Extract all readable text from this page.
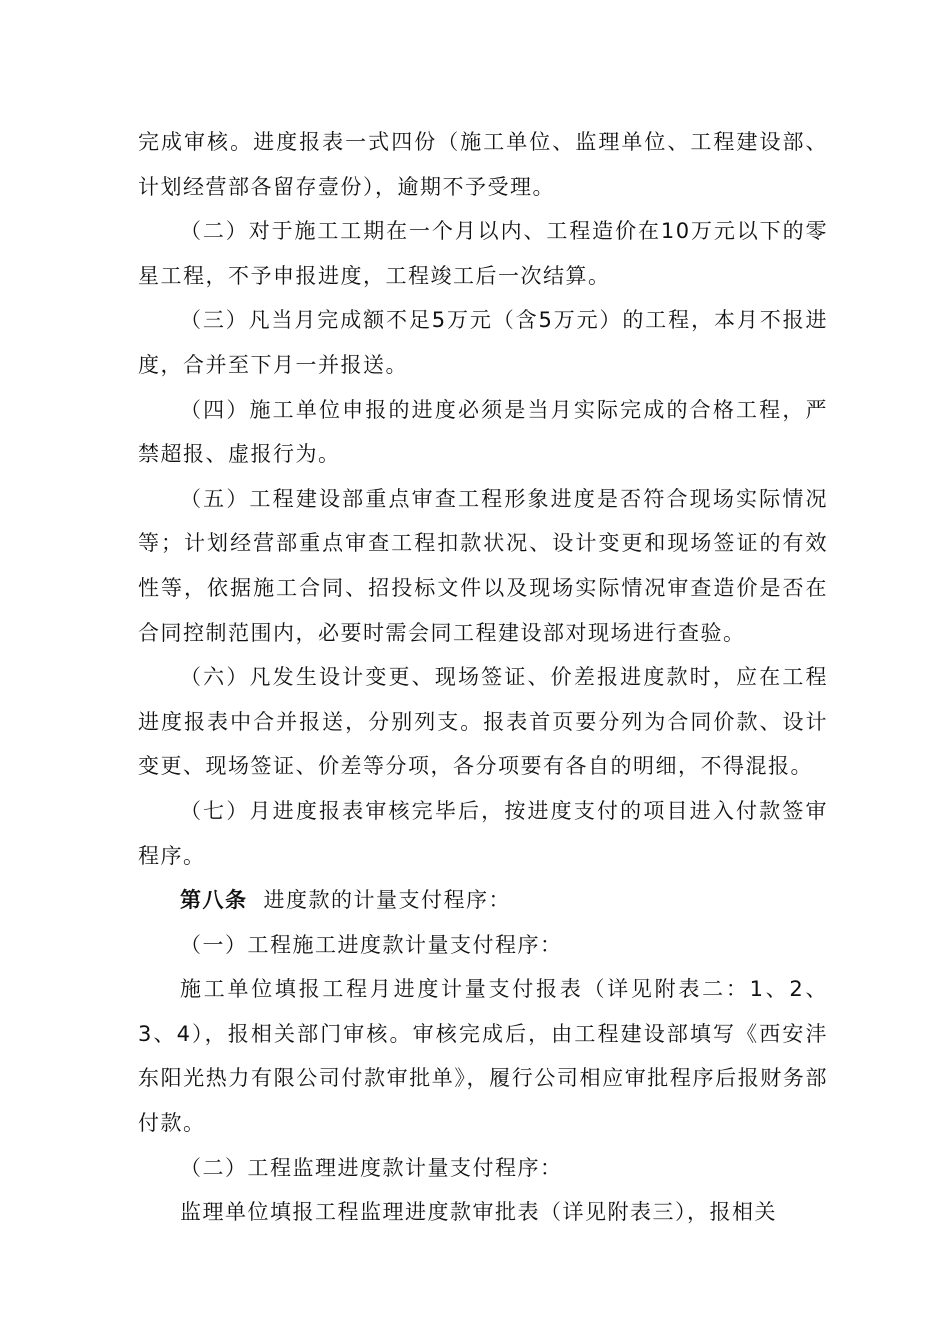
完成审核。进度报表一式四份（施工单位、监理单位、工程建设部、计划经营部各留存壹份），逾期不予受理。

（二）对于施工工期在一个月以内、工程造价在10万元以下的零星工程，不予申报进度，工程竣工后一次结算。

（三）凡当月完成额不足5万元（含5万元）的工程，本月不报进度，合并至下月一并报送。

（四）施工单位申报的进度必须是当月实际完成的合格工程，严禁超报、虚报行为。

（五）工程建设部重点审查工程形象进度是否符合现场实际情况等；计划经营部重点审查工程扣款状况、设计变更和现场签证的有效性等，依据施工合同、招投标文件以及现场实际情况审查造价是否在合同控制范围内，必要时需会同工程建设部对现场进行查验。

（六）凡发生设计变更、现场签证、价差报进度款时，应在工程进度报表中合并报送，分别列支。报表首页要分列为合同价款、设计变更、现场签证、价差等分项，各分项要有各自的明细，不得混报。

（七）月进度报表审核完毕后，按进度支付的项目进入付款签审程序。

第八条 进度款的计量支付程序：

（一）工程施工进度款计量支付程序：

施工单位填报工程月进度计量支付报表（详见附表二：1、2、3、4），报相关部门审核。审核完成后，由工程建设部填写《西安沣东阳光热力有限公司付款审批单》，履行公司相应审批程序后报财务部付款。

（二）工程监理进度款计量支付程序：

监理单位填报工程监理进度款审批表（详见附表三），报相关
